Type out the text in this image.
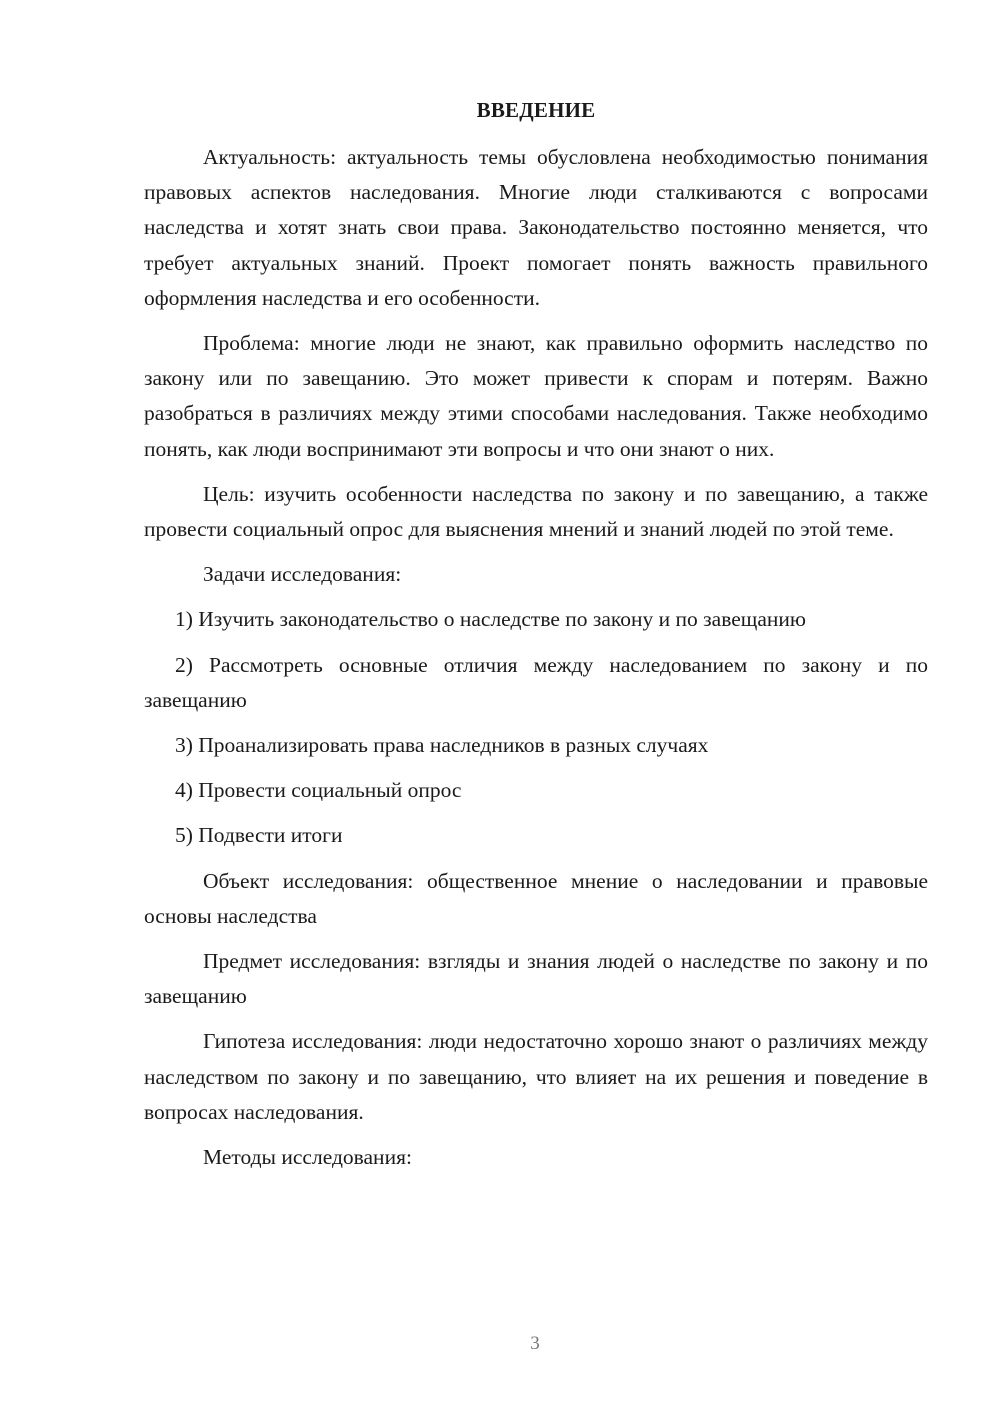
ВВЕДЕНИЕ

Актуальность: актуальность темы обусловлена необходимостью понимания правовых аспектов наследования. Многие люди сталкиваются с вопросами наследства и хотят знать свои права. Законодательство постоянно меняется, что требует актуальных знаний. Проект помогает понять важность правильного оформления наследства и его особенности.

Проблема: многие люди не знают, как правильно оформить наследство по закону или по завещанию. Это может привести к спорам и потерям. Важно разобраться в различиях между этими способами наследования. Также необходимо понять, как люди воспринимают эти вопросы и что они знают о них.

Цель: изучить особенности наследства по закону и по завещанию, а также провести социальный опрос для выяснения мнений и знаний людей по этой теме.

Задачи исследования:

1) Изучить законодательство о наследстве по закону и по завещанию

2) Рассмотреть основные отличия между наследованием по закону и по завещанию

3) Проанализировать права наследников в разных случаях

4) Провести социальный опрос

5) Подвести итоги

Объект исследования: общественное мнение о наследовании и правовые основы наследства

Предмет исследования: взгляды и знания людей о наследстве по закону и по завещанию

Гипотеза исследования: люди недостаточно хорошо знают о различиях между наследством по закону и по завещанию, что влияет на их решения и поведение в вопросах наследования.

Методы исследования:

3
